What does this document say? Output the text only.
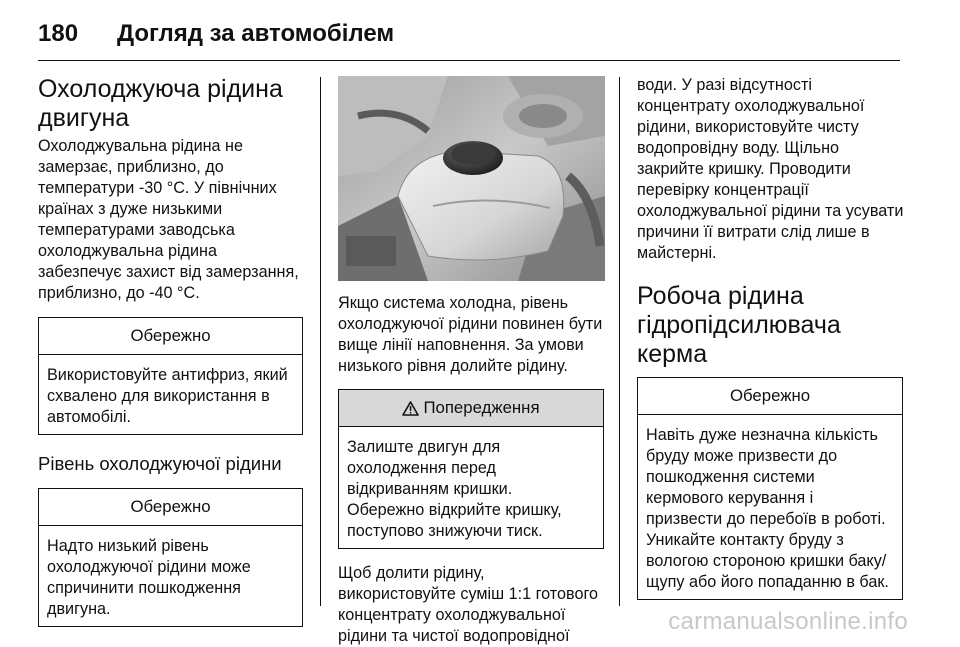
180 Догляд за автомобілем
Охолоджуюча рідина
двигуна
Охолоджувальна рідина не
замерзає, приблизно, до
температури -30 °C. У північних
країнах з дуже низькими
температурами заводська
охолоджувальна рідина
забезпечує захист від замерзання,
приблизно, до -40 °C.
Обережно
Використовуйте антифриз, який
схвалено для використання в
автомобілі.
Рівень охолоджуючої рідини
Обережно
Надто низький рівень
охолоджуючої рідини може
спричинити пошкодження
двигуна.
Якщо система холодна, рівень
охолоджуючої рідини повинен бути
вище лінії наповнення. За умови
низького рівня долийте рідину.
Попередження
Залиште двигун для
охолодження перед
відкриванням кришки.
Обережно відкрийте кришку,
поступово знижуючи тиск.
Щоб долити рідину,
використовуйте суміш 1:1 готового
концентрату охолоджувальної
рідини та чистої водопровідної
води. У разі відсутності
концентрату охолоджувальної
рідини, використовуйте чисту
водопровідну воду. Щільно
закрийте кришку. Проводити
перевірку концентрації
охолоджувальної рідини та усувати
причини її витрати слід лише в
майстерні.
Робоча рідина
гідропідсилювача керма
Обережно
Навіть дуже незначна кількість
бруду може призвести до
пошкодження системи
кермового керування і
призвести до перебоїв в роботі.
Уникайте контакту бруду з
вологою стороною кришки баку/
щупу або його попаданню в бак.
carmanualsonline.info
